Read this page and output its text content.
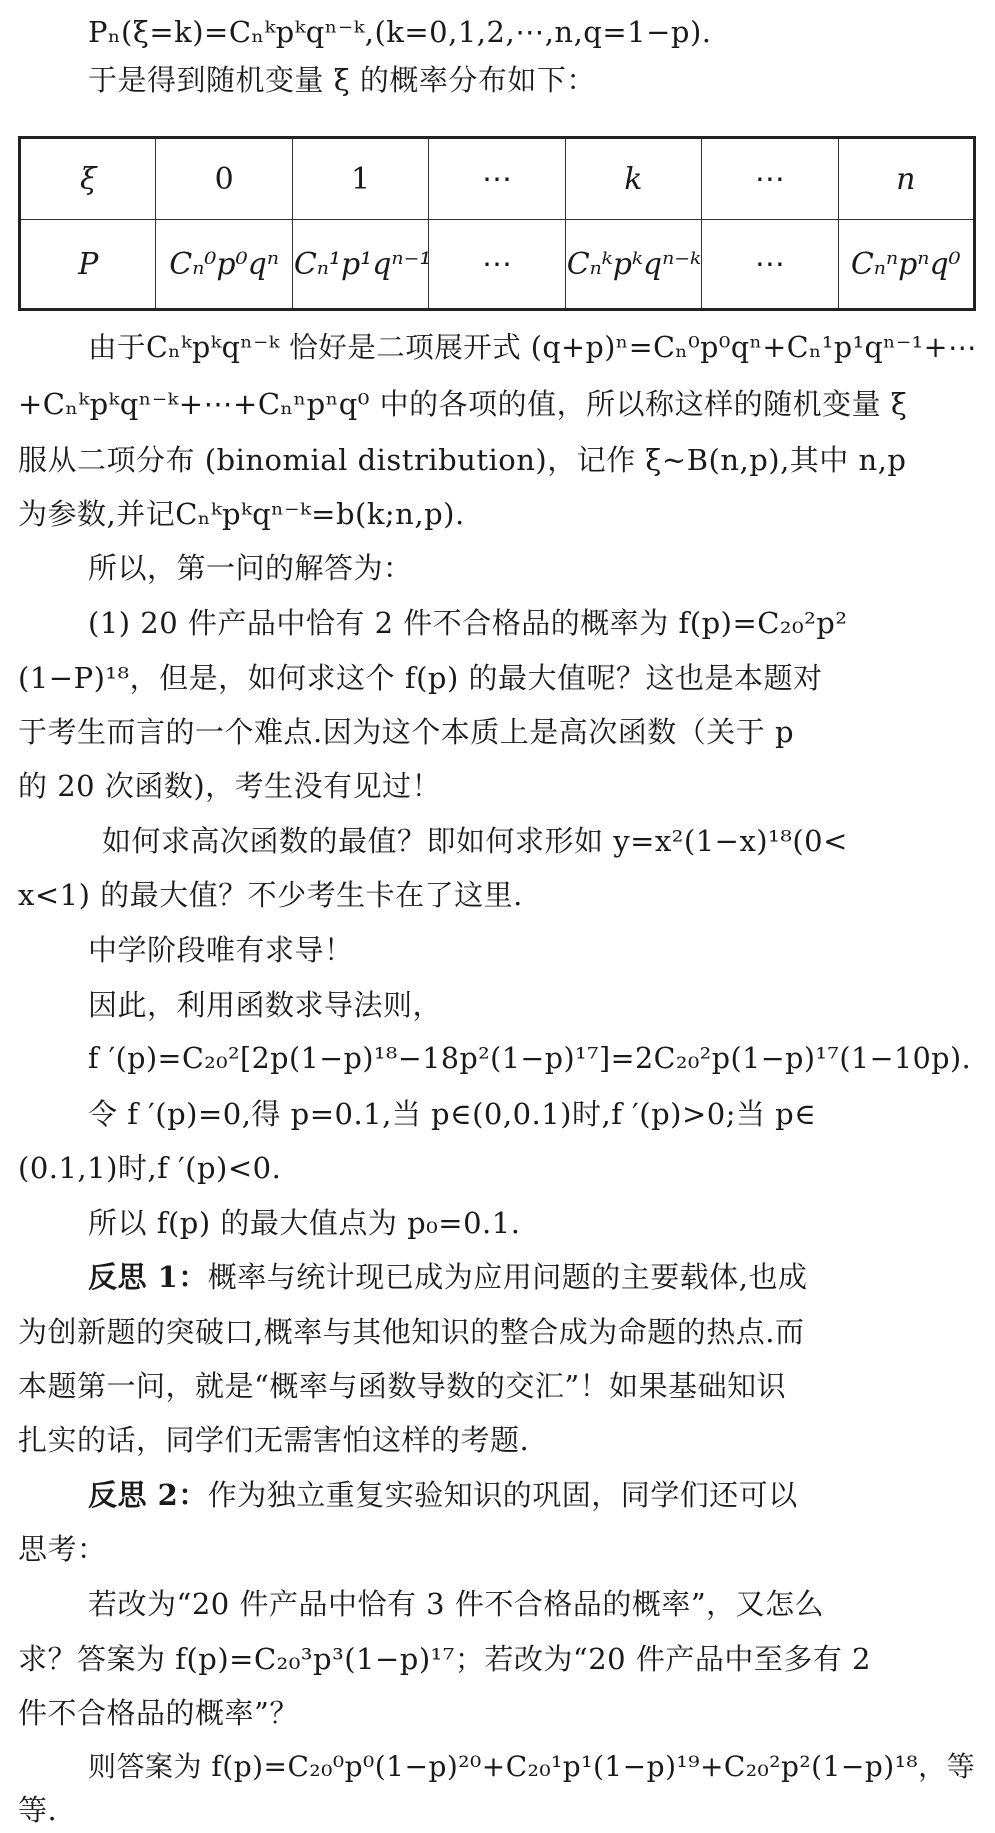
Pₙ(ξ=k)=Cₙᵏpᵏqⁿ⁻ᵏ,(k=0,1,2,⋯,n,q=1−p).
于是得到随机变量 ξ 的概率分布如下：
ξ	0	1	⋯	k	⋯	n
P	Cₙ⁰p⁰qⁿ	Cₙ¹p¹qⁿ⁻¹	⋯	Cₙᵏpᵏqⁿ⁻ᵏ	⋯	Cₙⁿpⁿq⁰
由于Cₙᵏpᵏqⁿ⁻ᵏ 恰好是二项展开式 (q+p)ⁿ=Cₙ⁰p⁰qⁿ+Cₙ¹p¹qⁿ⁻¹+⋯
+Cₙᵏpᵏqⁿ⁻ᵏ+⋯+Cₙⁿpⁿq⁰ 中的各项的值，所以称这样的随机变量 ξ
服从二项分布 (binomial distribution)，记作 ξ~B(n,p),其中 n,p
为参数,并记Cₙᵏpᵏqⁿ⁻ᵏ=b(k;n,p).
所以，第一问的解答为：
(1) 20 件产品中恰有 2 件不合格品的概率为 f(p)=C₂₀²p²
(1−P)¹⁸，但是，如何求这个 f(p) 的最大值呢？这也是本题对
于考生而言的一个难点.因为这个本质上是高次函数（关于 p
的 20 次函数)，考生没有见过！
如何求高次函数的最值？即如何求形如 y=x²(1−x)¹⁸(0<
x<1) 的最大值？不少考生卡在了这里.
中学阶段唯有求导！
因此，利用函数求导法则，
f ′(p)=C₂₀²[2p(1−p)¹⁸−18p²(1−p)¹⁷]=2C₂₀²p(1−p)¹⁷(1−10p).
令 f ′(p)=0,得 p=0.1,当 p∈(0,0.1)时,f ′(p)>0;当 p∈
(0.1,1)时,f ′(p)<0.
所以 f(p) 的最大值点为 p₀=0.1.
反思 1：概率与统计现已成为应用问题的主要载体,也成
为创新题的突破口,概率与其他知识的整合成为命题的热点.而
本题第一问，就是“概率与函数导数的交汇”！如果基础知识
扎实的话，同学们无需害怕这样的考题.
反思 2：作为独立重复实验知识的巩固，同学们还可以
思考：
若改为“20 件产品中恰有 3 件不合格品的概率”，又怎么
求？答案为 f(p)=C₂₀³p³(1−p)¹⁷；若改为“20 件产品中至多有 2
件不合格品的概率”？
则答案为 f(p)=C₂₀⁰p⁰(1−p)²⁰+C₂₀¹p¹(1−p)¹⁹+C₂₀²p²(1−p)¹⁸，等
等.
